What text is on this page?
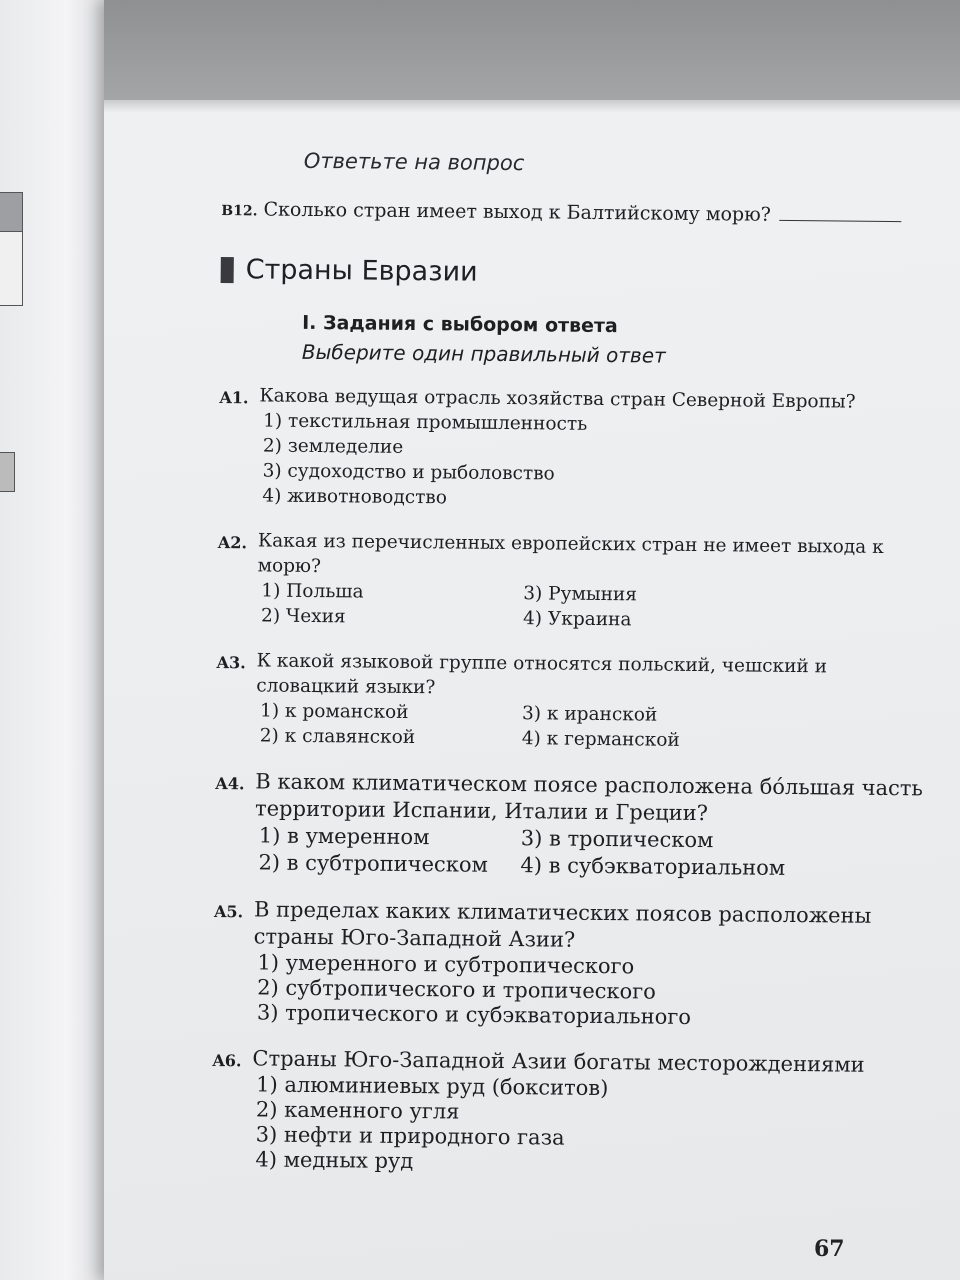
Ответьте на вопрос
B12. Сколько стран имеет выход к Балтийскому морю?
Страны Евразии
I. Задания с выбором ответа
Выберите один правильный ответ
A1. Какова ведущая отрасль хозяйства стран Северной Европы?
1) текстильная промышленность
2) земледелие
3) судоходство и рыболовство
4) животноводство
A2. Какая из перечисленных европейских стран не имеет выхода к морю?
1) Польша	3) Румыния
2) Чехия	4) Украина
A3. К какой языковой группе относятся польский, чешский и словацкий языки?
1) к романской	3) к иранской
2) к славянской	4) к германской
A4. В каком климатическом поясе расположена бóльшая часть территории Испании, Италии и Греции?
1) в умеренном	3) в тропическом
2) в субтропическом	4) в субэкваториальном
A5. В пределах каких климатических поясов расположены страны Юго-Западной Азии?
1) умеренного и субтропического
2) субтропического и тропического
3) тропического и субэкваториального
A6. Страны Юго-Западной Азии богаты месторождениями
1) алюминиевых руд (бокситов)
2) каменного угля
3) нефти и природного газа
4) медных руд
67
